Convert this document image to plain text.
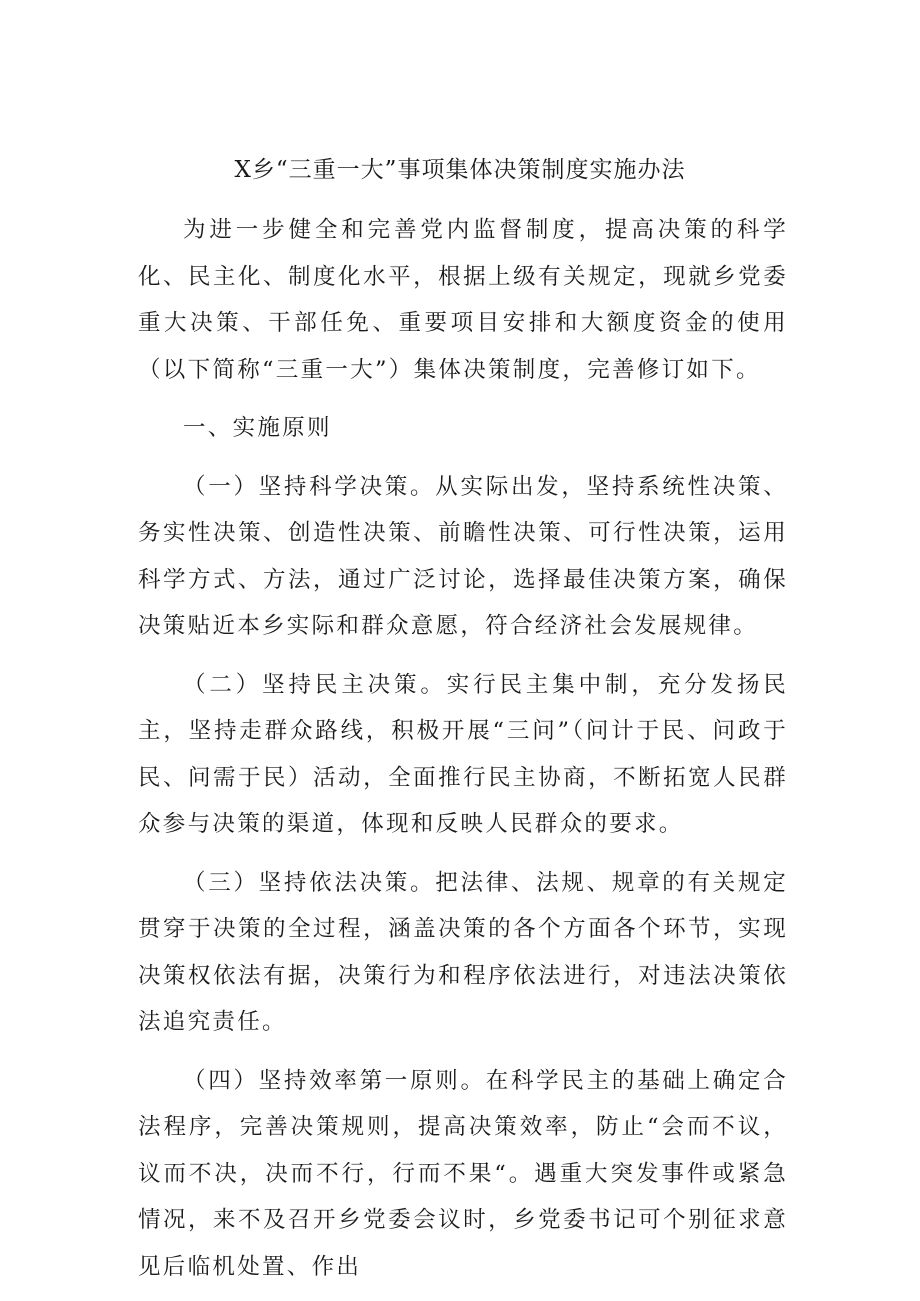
X乡“三重一大”事项集体决策制度实施办法

为进一步健全和完善党内监督制度，提高决策的科学化、民主化、制度化水平，根据上级有关规定，现就乡党委重大决策、干部任免、重要项目安排和大额度资金的使用（以下简称“三重一大”）集体决策制度，完善修订如下。

一、实施原则

（一）坚持科学决策。从实际出发，坚持系统性决策、务实性决策、创造性决策、前瞻性决策、可行性决策，运用科学方式、方法，通过广泛讨论，选择最佳决策方案，确保决策贴近本乡实际和群众意愿，符合经济社会发展规律。

（二）坚持民主决策。实行民主集中制，充分发扬民主，坚持走群众路线，积极开展“三问”（问计于民、问政于民、问需于民）活动，全面推行民主协商，不断拓宽人民群众参与决策的渠道，体现和反映人民群众的要求。

（三）坚持依法决策。把法律、法规、规章的有关规定贯穿于决策的全过程，涵盖决策的各个方面各个环节，实现决策权依法有据，决策行为和程序依法进行，对违法决策依法追究责任。

（四）坚持效率第一原则。在科学民主的基础上确定合法程序，完善决策规则，提高决策效率，防止“会而不议，议而不决，决而不行，行而不果“。遇重大突发事件或紧急情况，来不及召开乡党委会议时，乡党委书记可个别征求意见后临机处置、作出
